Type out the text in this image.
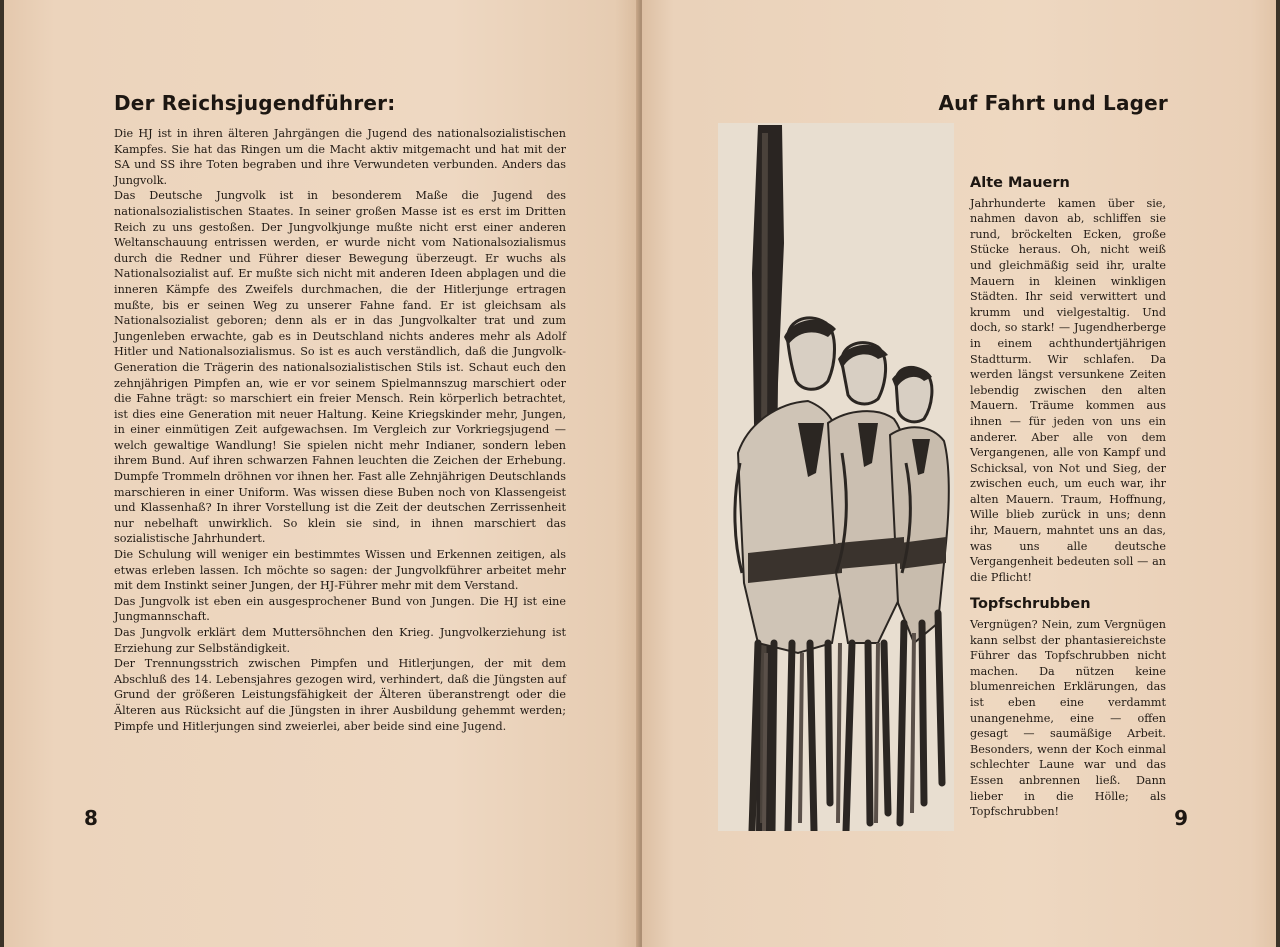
Der Reichsjugendführer:

Die HJ ist in ihren älteren Jahrgängen die Jugend des nationalsozialistischen Kampfes. Sie hat das Ringen um die Macht aktiv mitgemacht und hat mit der SA und SS ihre Toten begraben und ihre Verwundeten verbunden. Anders das Jungvolk.

Das Deutsche Jungvolk ist in besonderem Maße die Jugend des nationalsozialistischen Staates. In seiner großen Masse ist es erst im Dritten Reich zu uns gestoßen. Der Jungvolkjunge mußte nicht erst einer anderen Weltanschauung entrissen werden, er wurde nicht vom Nationalsozialismus durch die Redner und Führer dieser Bewegung überzeugt. Er wuchs als Nationalsozialist auf. Er mußte sich nicht mit anderen Ideen abplagen und die inneren Kämpfe des Zweifels durchmachen, die der Hitlerjunge ertragen mußte, bis er seinen Weg zu unserer Fahne fand. Er ist gleichsam als Nationalsozialist geboren; denn als er in das Jungvolkalter trat und zum Jungenleben erwachte, gab es in Deutschland nichts anderes mehr als Adolf Hitler und Nationalsozialismus. So ist es auch verständlich, daß die Jungvolk-Generation die Trägerin des nationalsozialistischen Stils ist. Schaut euch den zehnjährigen Pimpfen an, wie er vor seinem Spielmannszug marschiert oder die Fahne trägt: so marschiert ein freier Mensch. Rein körperlich betrachtet, ist dies eine Generation mit neuer Haltung. Keine Kriegskinder mehr, Jungen, in einer einmütigen Zeit aufgewachsen. Im Vergleich zur Vorkriegsjugend — welch gewaltige Wandlung! Sie spielen nicht mehr Indianer, sondern leben ihrem Bund. Auf ihren schwarzen Fahnen leuchten die Zeichen der Erhebung. Dumpfe Trommeln dröhnen vor ihnen her. Fast alle Zehnjährigen Deutschlands marschieren in einer Uniform. Was wissen diese Buben noch von Klassengeist und Klassenhaß? In ihrer Vorstellung ist die Zeit der deutschen Zerrissenheit nur nebelhaft unwirklich. So klein sie sind, in ihnen marschiert das sozialistische Jahrhundert.

Die Schulung will weniger ein bestimmtes Wissen und Erkennen zeitigen, als etwas erleben lassen. Ich möchte so sagen: der Jungvolkführer arbeitet mehr mit dem Instinkt seiner Jungen, der HJ-Führer mehr mit dem Verstand.

Das Jungvolk ist eben ein ausgesprochener Bund von Jungen. Die HJ ist eine Jungmannschaft.

Das Jungvolk erklärt dem Muttersöhnchen den Krieg. Jungvolkerziehung ist Erziehung zur Selbständigkeit.

Der Trennungsstrich zwischen Pimpfen und Hitlerjungen, der mit dem Abschluß des 14. Lebensjahres gezogen wird, verhindert, daß die Jüngsten auf Grund der größeren Leistungsfähigkeit der Älteren überanstrengt oder die Älteren aus Rücksicht auf die Jüngsten in ihrer Ausbildung gehemmt werden; Pimpfe und Hitlerjungen sind zweierlei, aber beide sind eine Jugend.

8
Auf Fahrt und Lager
Alte Mauern

Jahrhunderte kamen über sie, nahmen davon ab, schliffen sie rund, bröckelten Ecken, große Stücke heraus. Oh, nicht weiß und gleichmäßig seid ihr, uralte Mauern in kleinen winkligen Städten. Ihr seid verwittert und krumm und vielgestaltig. Und doch, so stark! — Jugendherberge in einem achthundertjährigen Stadtturm. Wir schlafen. Da werden längst versunkene Zeiten lebendig zwischen den alten Mauern. Träume kommen aus ihnen — für jeden von uns ein anderer. Aber alle von dem Vergangenen, alle von Kampf und Schicksal, von Not und Sieg, der zwischen euch, um euch war, ihr alten Mauern. Traum, Hoffnung, Wille blieb zurück in uns; denn ihr, Mauern, mahntet uns an das, was uns alle deutsche Vergangenheit bedeuten soll — an die Pflicht!

Topfschrubben

Vergnügen? Nein, zum Vergnügen kann selbst der phantasiereichste Führer das Topfschrubben nicht machen. Da nützen keine blumenreichen Erklärungen, das ist eben eine verdammt unangenehme, eine — offen gesagt — saumäßige Arbeit. Besonders, wenn der Koch einmal schlechter Laune war und das Essen anbrennen ließ. Dann lieber in die Hölle; als Topfschrubben!	9
